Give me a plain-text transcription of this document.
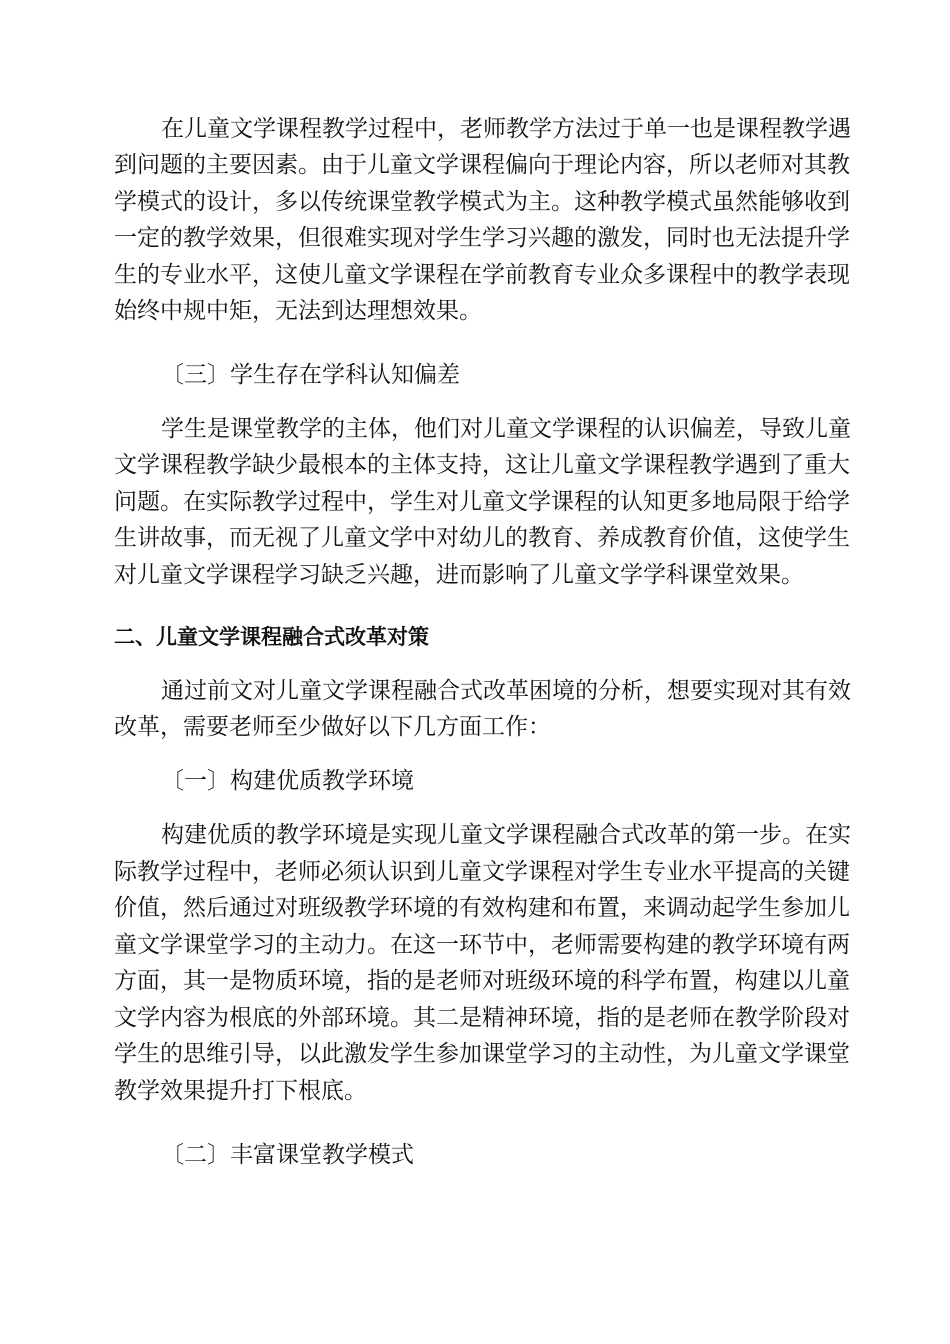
在儿童文学课程教学过程中，老师教学方法过于单一也是课程教学遇
到问题的主要因素。由于儿童文学课程偏向于理论内容，所以老师对其教
学模式的设计，多以传统课堂教学模式为主。这种教学模式虽然能够收到
一定的教学效果，但很难实现对学生学习兴趣的激发，同时也无法提升学
生的专业水平，这使儿童文学课程在学前教育专业众多课程中的教学表现
始终中规中矩，无法到达理想效果。
〔三〕学生存在学科认知偏差
学生是课堂教学的主体，他们对儿童文学课程的认识偏差，导致儿童
文学课程教学缺少最根本的主体支持，这让儿童文学课程教学遇到了重大
问题。在实际教学过程中，学生对儿童文学课程的认知更多地局限于给学
生讲故事，而无视了儿童文学中对幼儿的教育、养成教育价值，这使学生
对儿童文学课程学习缺乏兴趣，进而影响了儿童文学学科课堂效果。
二、儿童文学课程融合式改革对策
通过前文对儿童文学课程融合式改革困境的分析，想要实现对其有效
改革，需要老师至少做好以下几方面工作：
〔一〕构建优质教学环境
构建优质的教学环境是实现儿童文学课程融合式改革的第一步。在实
际教学过程中，老师必须认识到儿童文学课程对学生专业水平提高的关键
价值，然后通过对班级教学环境的有效构建和布置，来调动起学生参加儿
童文学课堂学习的主动力。在这一环节中，老师需要构建的教学环境有两
方面，其一是物质环境，指的是老师对班级环境的科学布置，构建以儿童
文学内容为根底的外部环境。其二是精神环境，指的是老师在教学阶段对
学生的思维引导，以此激发学生参加课堂学习的主动性，为儿童文学课堂
教学效果提升打下根底。
〔二〕丰富课堂教学模式
